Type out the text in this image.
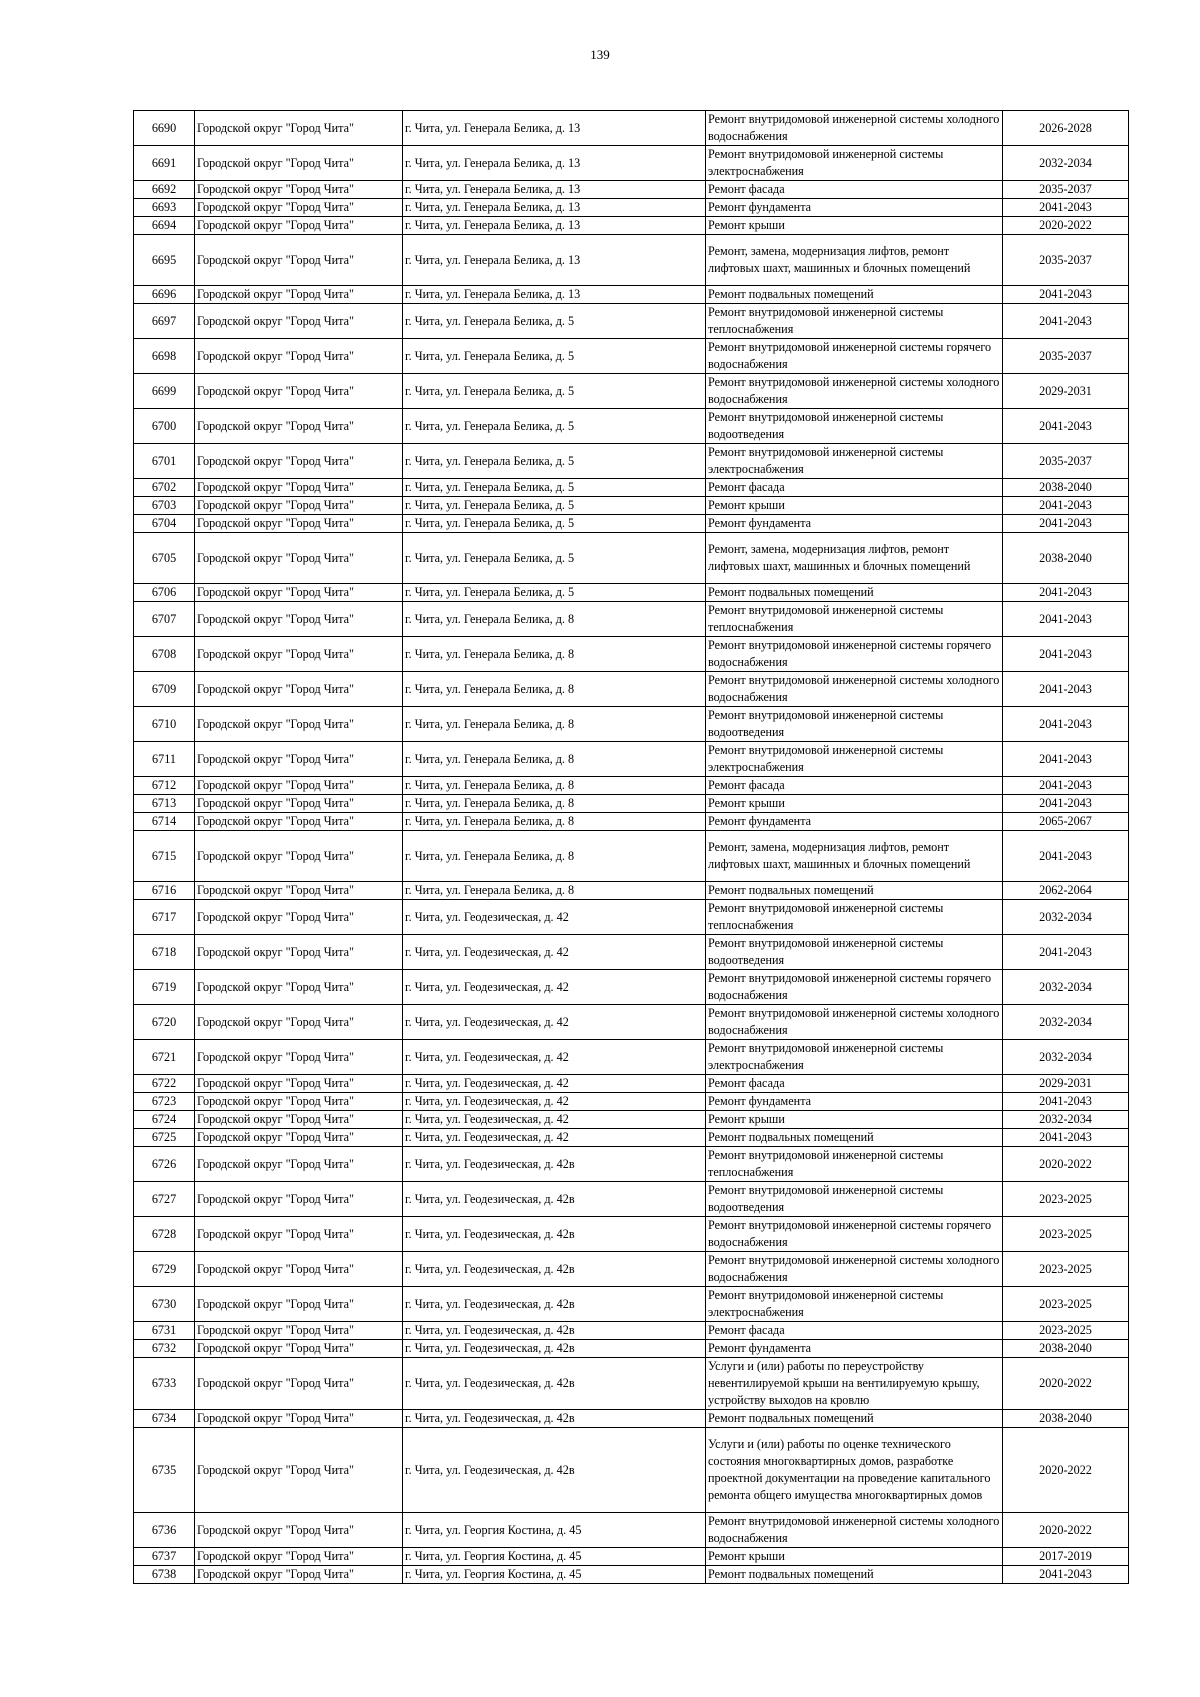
139
6690	Городской округ "Город Чита"	г. Чита, ул. Генерала Белика, д. 13	Ремонт внутридомовой инженерной системы холодного водоснабжения	2026-2028
6691	Городской округ "Город Чита"	г. Чита, ул. Генерала Белика, д. 13	Ремонт внутридомовой инженерной системы электроснабжения	2032-2034
6692	Городской округ "Город Чита"	г. Чита, ул. Генерала Белика, д. 13	Ремонт фасада	2035-2037
6693	Городской округ "Город Чита"	г. Чита, ул. Генерала Белика, д. 13	Ремонт фундамента	2041-2043
6694	Городской округ "Город Чита"	г. Чита, ул. Генерала Белика, д. 13	Ремонт крыши	2020-2022
6695	Городской округ "Город Чита"	г. Чита, ул. Генерала Белика, д. 13	Ремонт, замена, модернизация лифтов, ремонт лифтовых шахт, машинных и блочных помещений	2035-2037
6696	Городской округ "Город Чита"	г. Чита, ул. Генерала Белика, д. 13	Ремонт подвальных помещений	2041-2043
6697	Городской округ "Город Чита"	г. Чита, ул. Генерала Белика, д. 5	Ремонт внутридомовой инженерной системы теплоснабжения	2041-2043
6698	Городской округ "Город Чита"	г. Чита, ул. Генерала Белика, д. 5	Ремонт внутридомовой инженерной системы горячего водоснабжения	2035-2037
6699	Городской округ "Город Чита"	г. Чита, ул. Генерала Белика, д. 5	Ремонт внутридомовой инженерной системы холодного водоснабжения	2029-2031
6700	Городской округ "Город Чита"	г. Чита, ул. Генерала Белика, д. 5	Ремонт внутридомовой инженерной системы водоотведения	2041-2043
6701	Городской округ "Город Чита"	г. Чита, ул. Генерала Белика, д. 5	Ремонт внутридомовой инженерной системы электроснабжения	2035-2037
6702	Городской округ "Город Чита"	г. Чита, ул. Генерала Белика, д. 5	Ремонт фасада	2038-2040
6703	Городской округ "Город Чита"	г. Чита, ул. Генерала Белика, д. 5	Ремонт крыши	2041-2043
6704	Городской округ "Город Чита"	г. Чита, ул. Генерала Белика, д. 5	Ремонт фундамента	2041-2043
6705	Городской округ "Город Чита"	г. Чита, ул. Генерала Белика, д. 5	Ремонт, замена, модернизация лифтов, ремонт лифтовых шахт, машинных и блочных помещений	2038-2040
6706	Городской округ "Город Чита"	г. Чита, ул. Генерала Белика, д. 5	Ремонт подвальных помещений	2041-2043
6707	Городской округ "Город Чита"	г. Чита, ул. Генерала Белика, д. 8	Ремонт внутридомовой инженерной системы теплоснабжения	2041-2043
6708	Городской округ "Город Чита"	г. Чита, ул. Генерала Белика, д. 8	Ремонт внутридомовой инженерной системы горячего водоснабжения	2041-2043
6709	Городской округ "Город Чита"	г. Чита, ул. Генерала Белика, д. 8	Ремонт внутридомовой инженерной системы холодного водоснабжения	2041-2043
6710	Городской округ "Город Чита"	г. Чита, ул. Генерала Белика, д. 8	Ремонт внутридомовой инженерной системы водоотведения	2041-2043
6711	Городской округ "Город Чита"	г. Чита, ул. Генерала Белика, д. 8	Ремонт внутридомовой инженерной системы электроснабжения	2041-2043
6712	Городской округ "Город Чита"	г. Чита, ул. Генерала Белика, д. 8	Ремонт фасада	2041-2043
6713	Городской округ "Город Чита"	г. Чита, ул. Генерала Белика, д. 8	Ремонт крыши	2041-2043
6714	Городской округ "Город Чита"	г. Чита, ул. Генерала Белика, д. 8	Ремонт фундамента	2065-2067
6715	Городской округ "Город Чита"	г. Чита, ул. Генерала Белика, д. 8	Ремонт, замена, модернизация лифтов, ремонт лифтовых шахт, машинных и блочных помещений	2041-2043
6716	Городской округ "Город Чита"	г. Чита, ул. Генерала Белика, д. 8	Ремонт подвальных помещений	2062-2064
6717	Городской округ "Город Чита"	г. Чита, ул. Геодезическая, д. 42	Ремонт внутридомовой инженерной системы теплоснабжения	2032-2034
6718	Городской округ "Город Чита"	г. Чита, ул. Геодезическая, д. 42	Ремонт внутридомовой инженерной системы водоотведения	2041-2043
6719	Городской округ "Город Чита"	г. Чита, ул. Геодезическая, д. 42	Ремонт внутридомовой инженерной системы горячего водоснабжения	2032-2034
6720	Городской округ "Город Чита"	г. Чита, ул. Геодезическая, д. 42	Ремонт внутридомовой инженерной системы холодного водоснабжения	2032-2034
6721	Городской округ "Город Чита"	г. Чита, ул. Геодезическая, д. 42	Ремонт внутридомовой инженерной системы электроснабжения	2032-2034
6722	Городской округ "Город Чита"	г. Чита, ул. Геодезическая, д. 42	Ремонт фасада	2029-2031
6723	Городской округ "Город Чита"	г. Чита, ул. Геодезическая, д. 42	Ремонт фундамента	2041-2043
6724	Городской округ "Город Чита"	г. Чита, ул. Геодезическая, д. 42	Ремонт крыши	2032-2034
6725	Городской округ "Город Чита"	г. Чита, ул. Геодезическая, д. 42	Ремонт подвальных помещений	2041-2043
6726	Городской округ "Город Чита"	г. Чита, ул. Геодезическая, д. 42в	Ремонт внутридомовой инженерной системы теплоснабжения	2020-2022
6727	Городской округ "Город Чита"	г. Чита, ул. Геодезическая, д. 42в	Ремонт внутридомовой инженерной системы водоотведения	2023-2025
6728	Городской округ "Город Чита"	г. Чита, ул. Геодезическая, д. 42в	Ремонт внутридомовой инженерной системы горячего водоснабжения	2023-2025
6729	Городской округ "Город Чита"	г. Чита, ул. Геодезическая, д. 42в	Ремонт внутридомовой инженерной системы холодного водоснабжения	2023-2025
6730	Городской округ "Город Чита"	г. Чита, ул. Геодезическая, д. 42в	Ремонт внутридомовой инженерной системы электроснабжения	2023-2025
6731	Городской округ "Город Чита"	г. Чита, ул. Геодезическая, д. 42в	Ремонт фасада	2023-2025
6732	Городской округ "Город Чита"	г. Чита, ул. Геодезическая, д. 42в	Ремонт фундамента	2038-2040
6733	Городской округ "Город Чита"	г. Чита, ул. Геодезическая, д. 42в	Услуги и (или) работы по переустройству невентилируемой крыши на вентилируемую крышу, устройству выходов на кровлю	2020-2022
6734	Городской округ "Город Чита"	г. Чита, ул. Геодезическая, д. 42в	Ремонт подвальных помещений	2038-2040
6735	Городской округ "Город Чита"	г. Чита, ул. Геодезическая, д. 42в	Услуги и (или) работы по оценке технического состояния многоквартирных домов, разработке проектной документации на проведение капитального ремонта общего имущества многоквартирных домов	2020-2022
6736	Городской округ "Город Чита"	г. Чита, ул. Георгия Костина, д. 45	Ремонт внутридомовой инженерной системы холодного водоснабжения	2020-2022
6737	Городской округ "Город Чита"	г. Чита, ул. Георгия Костина, д. 45	Ремонт крыши	2017-2019
6738	Городской округ "Город Чита"	г. Чита, ул. Георгия Костина, д. 45	Ремонт подвальных помещений	2041-2043
